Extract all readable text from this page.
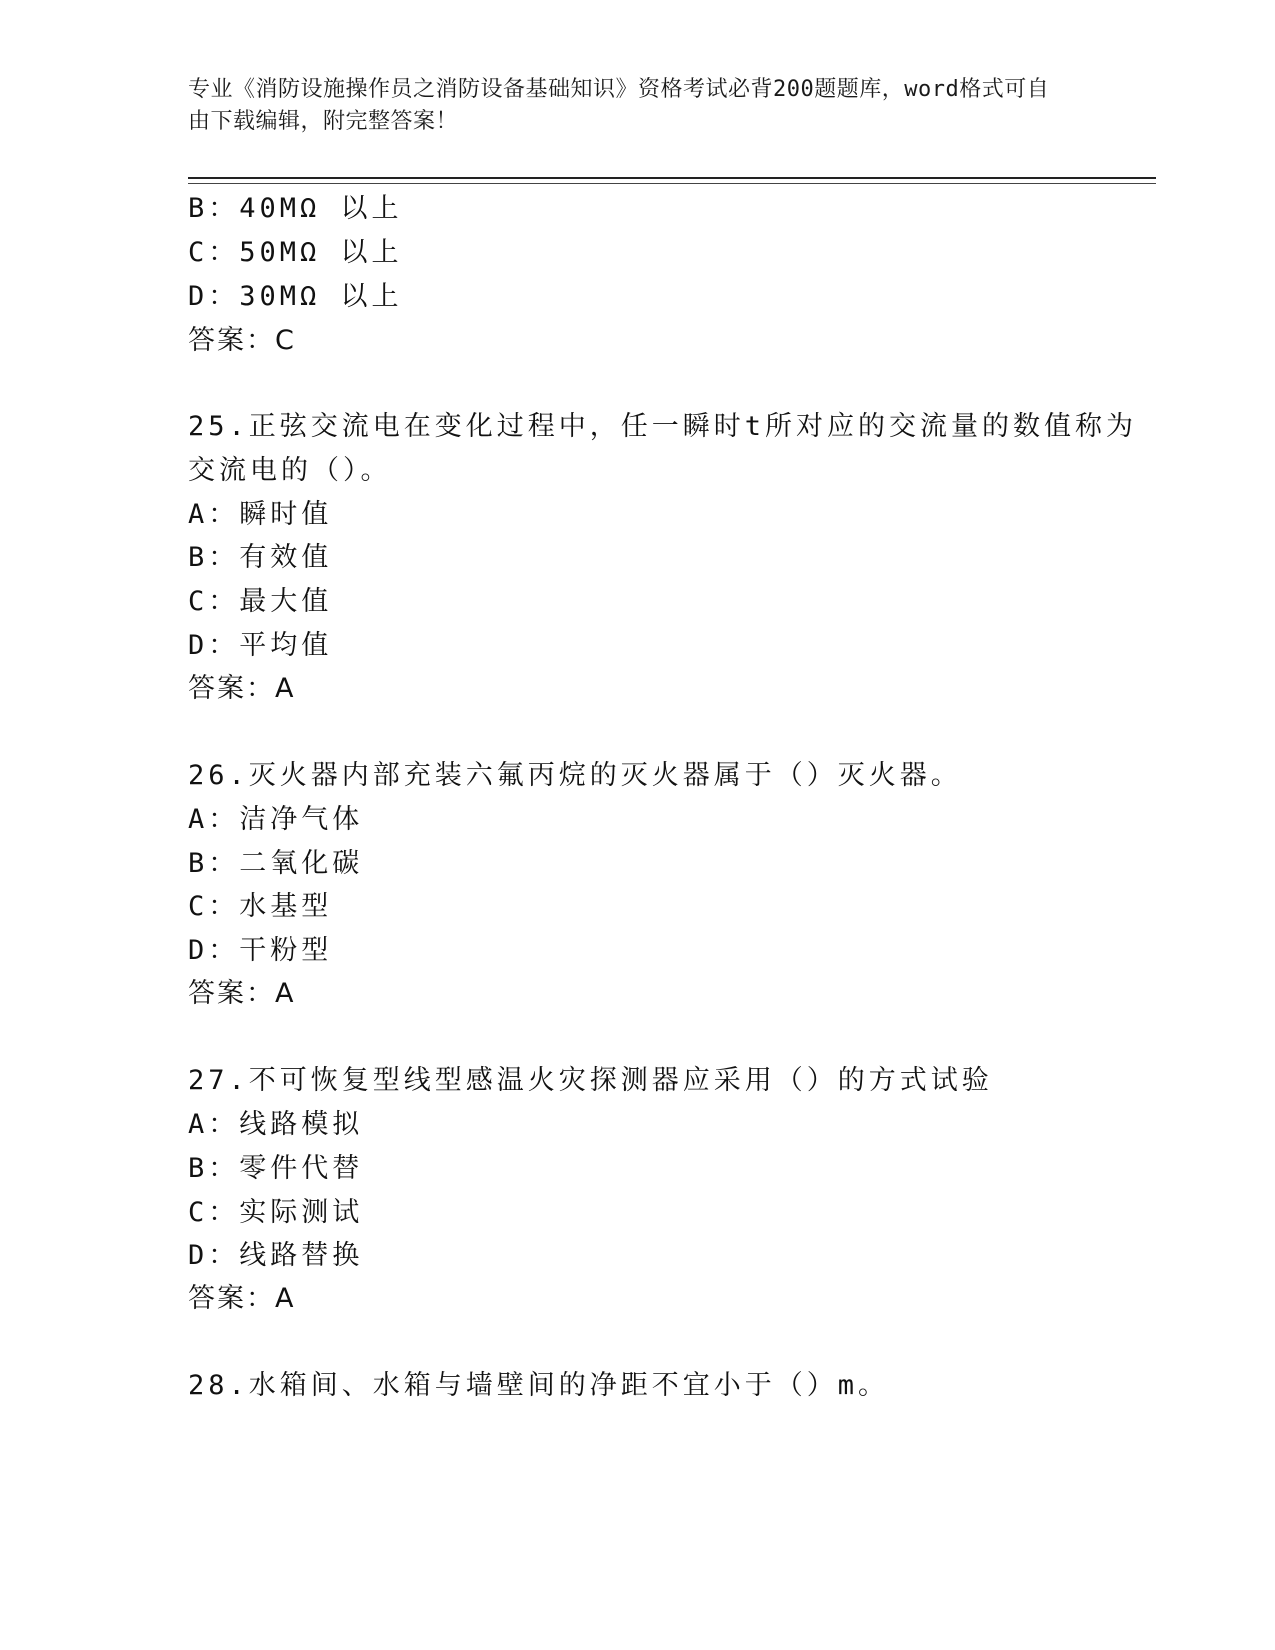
专业《消防设施操作员之消防设备基础知识》资格考试必背200题题库，word格式可自由下载编辑，附完整答案！
B：40MΩ 以上
C：50MΩ 以上
D：30MΩ 以上
答案：C
25.正弦交流电在变化过程中，任一瞬时t所对应的交流量的数值称为
交流电的（）。
A：瞬时值
B：有效值
C：最大值
D：平均值
答案：A
26.灭火器内部充装六氟丙烷的灭火器属于（）灭火器。
A：洁净气体
B：二氧化碳
C：水基型
D：干粉型
答案：A
27.不可恢复型线型感温火灾探测器应采用（）的方式试验
A：线路模拟
B：零件代替
C：实际测试
D：线路替换
答案：A
28.水箱间、水箱与墙壁间的净距不宜小于（）m。
